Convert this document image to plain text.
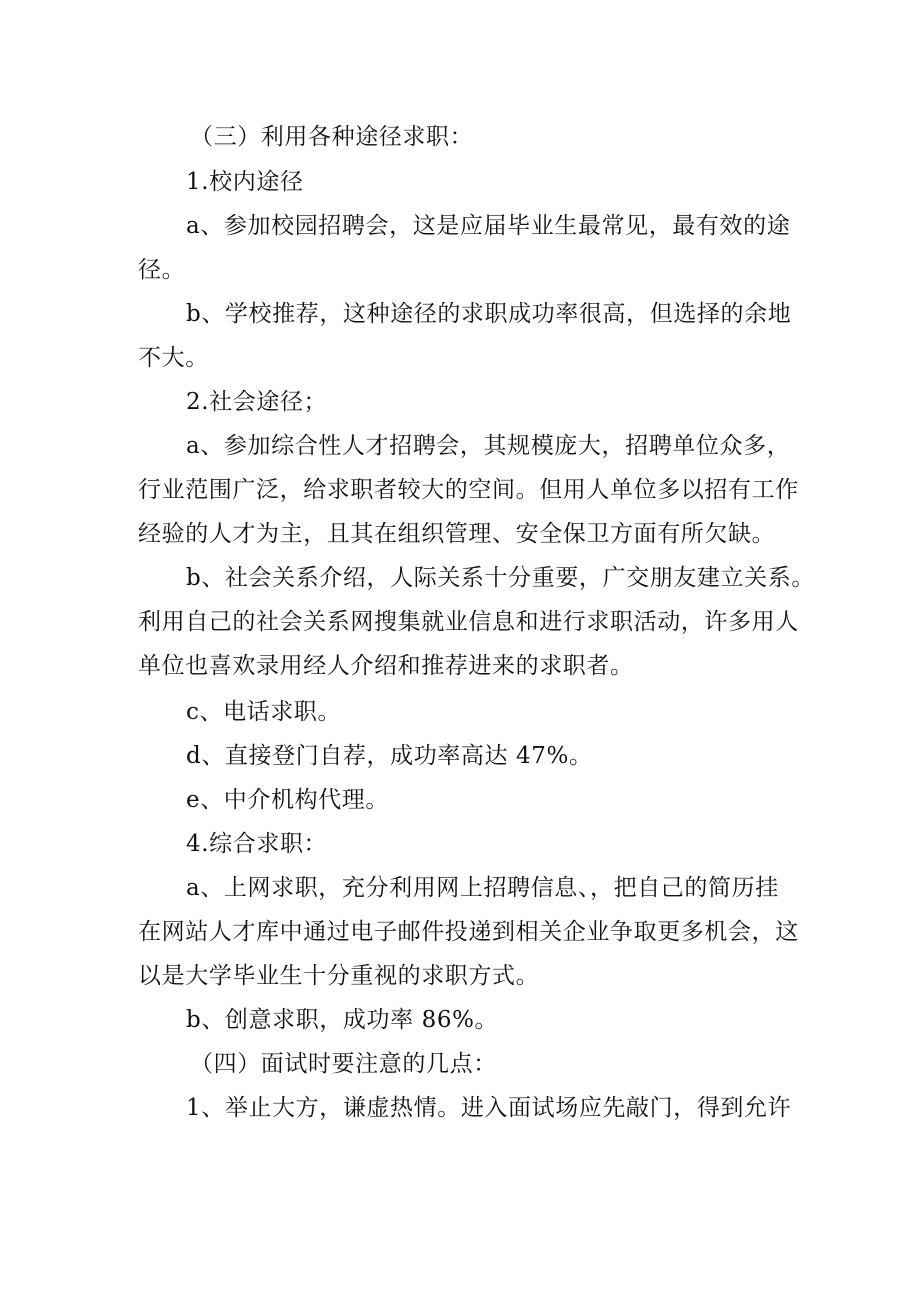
（三）利用各种途径求职：
1.校内途径
a、参加校园招聘会，这是应届毕业生最常见，最有效的途
径。
b、学校推荐，这种途径的求职成功率很高，但选择的余地
不大。
2.社会途径；
a、参加综合性人才招聘会，其规模庞大，招聘单位众多，
行业范围广泛，给求职者较大的空间。但用人单位多以招有工作
经验的人才为主，且其在组织管理、安全保卫方面有所欠缺。
b、社会关系介绍，人际关系十分重要，广交朋友建立关系。
利用自己的社会关系网搜集就业信息和进行求职活动，许多用人
单位也喜欢录用经人介绍和推荐进来的求职者。
c、电话求职。
d、直接登门自荐，成功率高达 47%。
e、中介机构代理。
4.综合求职：
a、上网求职，充分利用网上招聘信息、，把自己的简历挂
在网站人才库中通过电子邮件投递到相关企业争取更多机会，这
以是大学毕业生十分重视的求职方式。
b、创意求职，成功率 86%。
（四）面试时要注意的几点：
1、举止大方，谦虚热情。进入面试场应先敲门，得到允许
